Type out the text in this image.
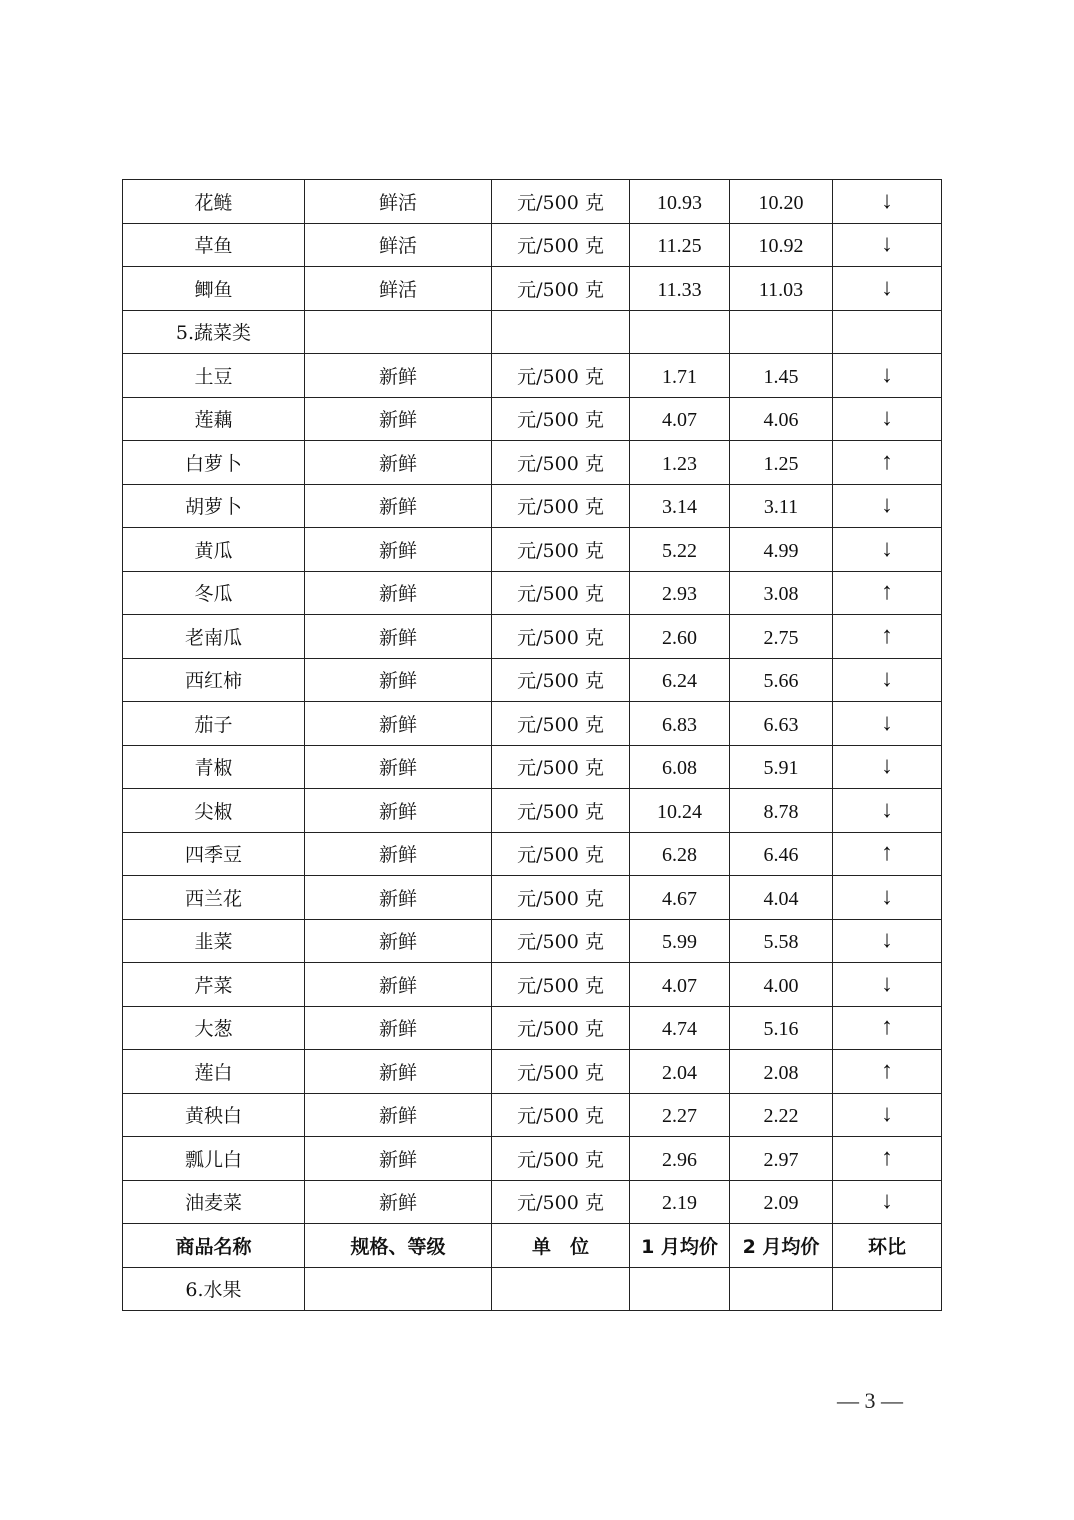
花鲢	鲜活	元/500 克	10.93	10.20	↓
草鱼	鲜活	元/500 克	11.25	10.92	↓
鲫鱼	鲜活	元/500 克	11.33	11.03	↓
5.蔬菜类					
土豆	新鲜	元/500 克	1.71	1.45	↓
莲藕	新鲜	元/500 克	4.07	4.06	↓
白萝卜	新鲜	元/500 克	1.23	1.25	↑
胡萝卜	新鲜	元/500 克	3.14	3.11	↓
黄瓜	新鲜	元/500 克	5.22	4.99	↓
冬瓜	新鲜	元/500 克	2.93	3.08	↑
老南瓜	新鲜	元/500 克	2.60	2.75	↑
西红柿	新鲜	元/500 克	6.24	5.66	↓
茄子	新鲜	元/500 克	6.83	6.63	↓
青椒	新鲜	元/500 克	6.08	5.91	↓
尖椒	新鲜	元/500 克	10.24	8.78	↓
四季豆	新鲜	元/500 克	6.28	6.46	↑
西兰花	新鲜	元/500 克	4.67	4.04	↓
韭菜	新鲜	元/500 克	5.99	5.58	↓
芹菜	新鲜	元/500 克	4.07	4.00	↓
大葱	新鲜	元/500 克	4.74	5.16	↑
莲白	新鲜	元/500 克	2.04	2.08	↑
黄秧白	新鲜	元/500 克	2.27	2.22	↓
瓢儿白	新鲜	元/500 克	2.96	2.97	↑
油麦菜	新鲜	元/500 克	2.19	2.09	↓
商品名称	规格、等级	单　位	1 月均价	2 月均价	环比
6.水果					
— 3 —
